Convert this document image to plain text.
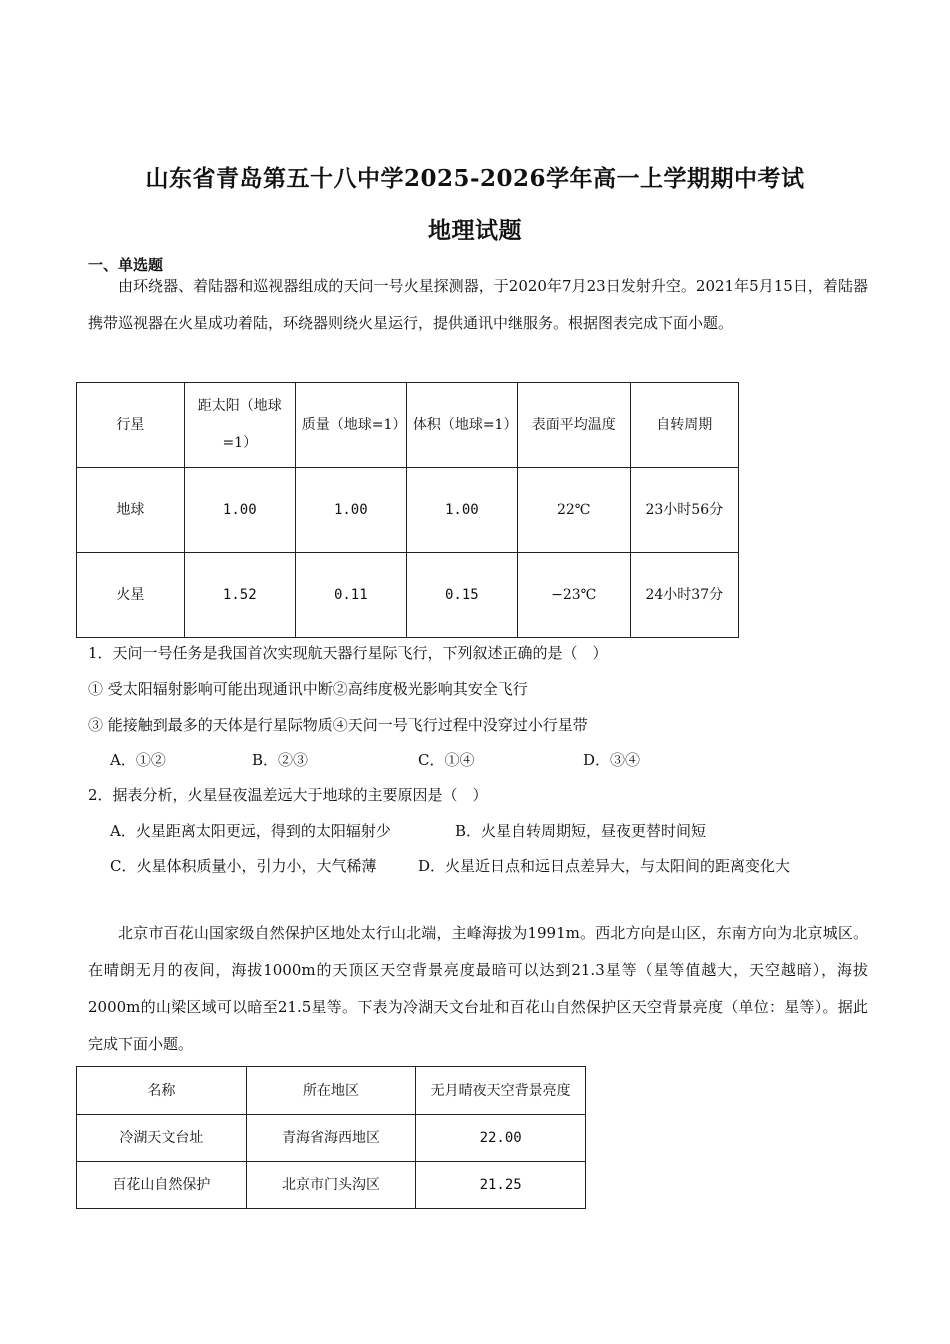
山东省青岛第五十八中学2025-2026学年高一上学期期中考试
地理试题
一、单选题
由环绕器、着陆器和巡视器组成的天问一号火星探测器，于2020年7月23日发射升空。2021年5月15日，着陆器携带巡视器在火星成功着陆，环绕器则绕火星运行，提供通讯中继服务。根据图表完成下面小题。
行星	距太阳（地球=1）	质量（地球=1）	体积（地球=1）	表面平均温度	自转周期
地球	1.00	1.00	1.00	22℃	23小时56分
火星	1.52	0.11	0.15	−23℃	24小时37分
1．天问一号任务是我国首次实现航天器行星际飞行，下列叙述正确的是（　）
① 受太阳辐射影响可能出现通讯中断②高纬度极光影响其安全飞行
③ 能接触到最多的天体是行星际物质④天问一号飞行过程中没穿过小行星带
A．①②	B．②③	C．①④	D．③④
2．据表分析，火星昼夜温差远大于地球的主要原因是（　）
A．火星距离太阳更远，得到的太阳辐射少	B．火星自转周期短，昼夜更替时间短
C．火星体积质量小，引力小，大气稀薄	D．火星近日点和远日点差异大，与太阳间的距离变化大
北京市百花山国家级自然保护区地处太行山北端，主峰海拔为1991m。西北方向是山区，东南方向为北京城区。在晴朗无月的夜间，海拔1000m的天顶区天空背景亮度最暗可以达到21.3星等（星等值越大，天空越暗），海拔2000m的山梁区域可以暗至21.5星等。下表为冷湖天文台址和百花山自然保护区天空背景亮度（单位：星等）。据此完成下面小题。
名称	所在地区	无月晴夜天空背景亮度
冷湖天文台址	青海省海西地区	22.00
百花山自然保护	北京市门头沟区	21.25
